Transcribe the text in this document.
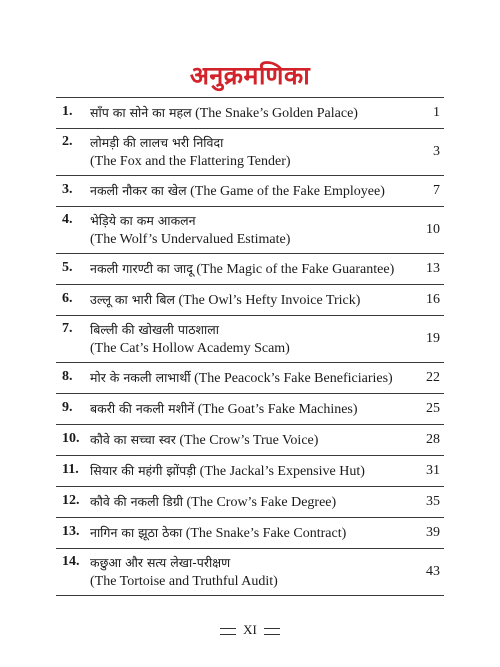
अनुक्रमणिका
1. साँप का सोने का महल (The Snake’s Golden Palace)	1
2. लोमड़ी की लालच भरी निविदा
(The Fox and the Flattering Tender)
3
3. नकली नौकर का खेल (The Game of the Fake Employee)	7
4. भेड़िये का कम आकलन
(The Wolf’s Undervalued Estimate)
10
5. नकली गारण्टी का जादू (The Magic of the Fake Guarantee) 13
6. उल्लू का भारी बिल (The Owl’s Hefty Invoice Trick)	16
7. बिल्ली की खोखली पाठशाला
(The Cat’s Hollow Academy Scam)
19
8. मोर के नकली लाभार्थी (The Peacock’s Fake Beneficiaries) 22
9. बकरी की नकली मशीनें (The Goat’s Fake Machines)	25
10. कौवे का सच्चा स्वर (The Crow’s True Voice)	28
11. सियार की महंगी झोंपड़ी (The Jackal’s Expensive Hut)	31
12. कौवे की नकली डिग्री (The Crow’s Fake Degree)	35
13. नागिन का झूठा ठेका (The Snake’s Fake Contract)	39
14. कछुआ और सत्य लेखा-परीक्षण
(The Tortoise and Truthful Audit)
43
XI
